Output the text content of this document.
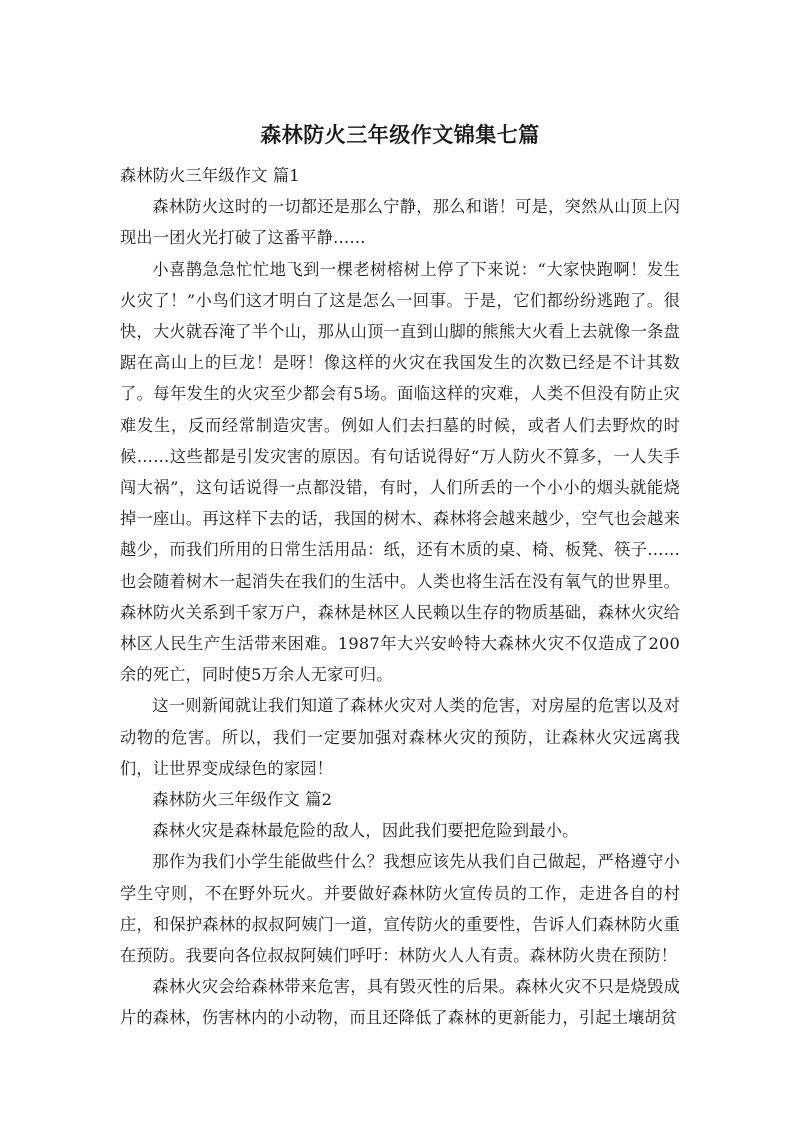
森林防火三年级作文锦集七篇

森林防火三年级作文 篇1

森林防火这时的一切都还是那么宁静，那么和谐！可是，突然从山顶上闪现出一团火光打破了这番平静……

小喜鹊急急忙忙地飞到一棵老树榕树上停了下来说：“大家快跑啊！发生火灾了！”小鸟们这才明白了这是怎么一回事。于是，它们都纷纷逃跑了。很快，大火就吞淹了半个山，那从山顶一直到山脚的熊熊大火看上去就像一条盘踞在高山上的巨龙！是呀！像这样的火灾在我国发生的次数已经是不计其数了。每年发生的火灾至少都会有5场。面临这样的灾难，人类不但没有防止灾难发生，反而经常制造灾害。例如人们去扫墓的时候，或者人们去野炊的时候……这些都是引发灾害的原因。有句话说得好“万人防火不算多，一人失手闯大祸”，这句话说得一点都没错，有时，人们所丢的一个小小的烟头就能烧掉一座山。再这样下去的话，我国的树木、森林将会越来越少，空气也会越来越少，而我们所用的日常生活用品：纸，还有木质的桌、椅、板凳、筷子……也会随着树木一起消失在我们的生活中。人类也将生活在没有氧气的世界里。森林防火关系到千家万户，森林是林区人民赖以生存的物质基础，森林火灾给林区人民生产生活带来困难。1987年大兴安岭特大森林火灾不仅造成了200余的死亡，同时使5万余人无家可归。

这一则新闻就让我们知道了森林火灾对人类的危害，对房屋的危害以及对动物的危害。所以，我们一定要加强对森林火灾的预防，让森林火灾远离我们，让世界变成绿色的家园！

森林防火三年级作文 篇2

森林火灾是森林最危险的敌人，因此我们要把危险到最小。

那作为我们小学生能做些什么？我想应该先从我们自己做起，严格遵守小学生守则，不在野外玩火。并要做好森林防火宣传员的工作，走进各自的村庄，和保护森林的叔叔阿姨门一道，宣传防火的重要性，告诉人们森林防火重在预防。我要向各位叔叔阿姨们呼吁：林防火人人有责。森林防火贵在预防！

森林火灾会给森林带来危害，具有毁灭性的后果。森林火灾不只是烧毁成片的森林，伤害林内的小动物，而且还降低了森林的更新能力，引起土壤胡贫
